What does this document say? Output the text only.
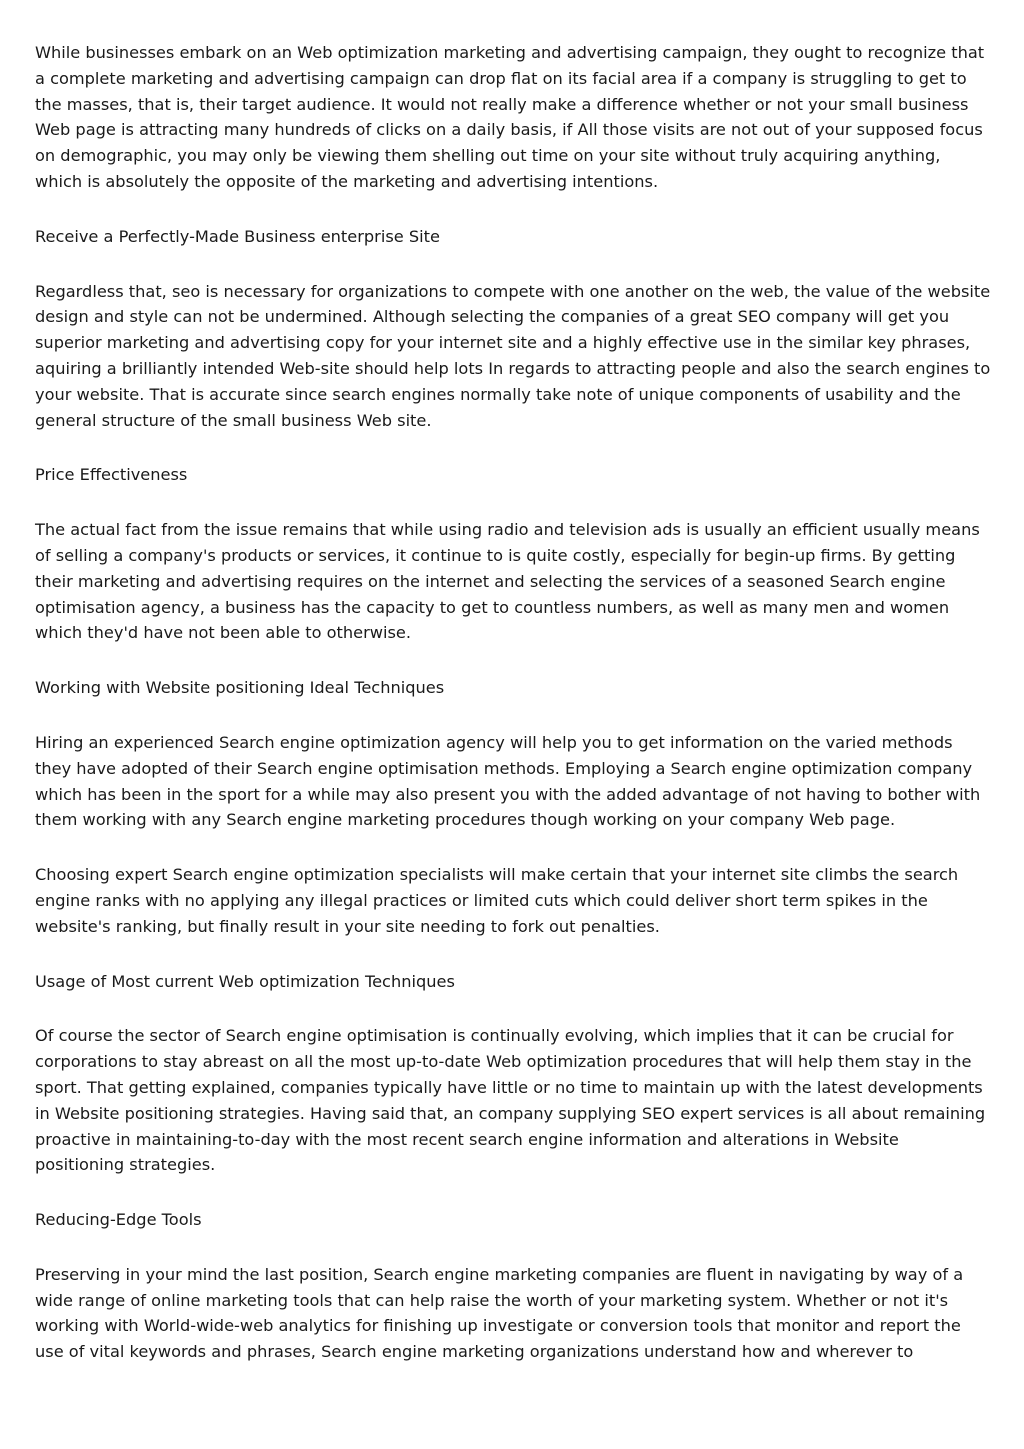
While businesses embark on an Web optimization marketing and advertising campaign, they ought to recognize that a complete marketing and advertising campaign can drop flat on its facial area if a company is struggling to get to the masses, that is, their target audience. It would not really make a difference whether or not your small business Web page is attracting many hundreds of clicks on a daily basis, if All those visits are not out of your supposed focus on demographic, you may only be viewing them shelling out time on your site without truly acquiring anything, which is absolutely the opposite of the marketing and advertising intentions.

Receive a Perfectly-Made Business enterprise Site

Regardless that, seo is necessary for organizations to compete with one another on the web, the value of the website design and style can not be undermined. Although selecting the companies of a great SEO company will get you superior marketing and advertising copy for your internet site and a highly effective use in the similar key phrases, aquiring a brilliantly intended Web-site should help lots In regards to attracting people and also the search engines to your website. That is accurate since search engines normally take note of unique components of usability and the general structure of the small business Web site.

Price Effectiveness

The actual fact from the issue remains that while using radio and television ads is usually an efficient usually means of selling a company's products or services, it continue to is quite costly, especially for begin-up firms. By getting their marketing and advertising requires on the internet and selecting the services of a seasoned Search engine optimisation agency, a business has the capacity to get to countless numbers, as well as many men and women which they'd have not been able to otherwise.

Working with Website positioning Ideal Techniques

Hiring an experienced Search engine optimization agency will help you to get information on the varied methods they have adopted of their Search engine optimisation methods. Employing a Search engine optimization company which has been in the sport for a while may also present you with the added advantage of not having to bother with them working with any Search engine marketing procedures though working on your company Web page.

Choosing expert Search engine optimization specialists will make certain that your internet site climbs the search engine ranks with no applying any illegal practices or limited cuts which could deliver short term spikes in the website's ranking, but finally result in your site needing to fork out penalties.

Usage of Most current Web optimization Techniques

Of course the sector of Search engine optimisation is continually evolving, which implies that it can be crucial for corporations to stay abreast on all the most up-to-date Web optimization procedures that will help them stay in the sport. That getting explained, companies typically have little or no time to maintain up with the latest developments in Website positioning strategies. Having said that, an company supplying SEO expert services is all about remaining proactive in maintaining-to-day with the most recent search engine information and alterations in Website positioning strategies.

Reducing-Edge Tools

Preserving in your mind the last position, Search engine marketing companies are fluent in navigating by way of a wide range of online marketing tools that can help raise the worth of your marketing system. Whether or not it's working with World-wide-web analytics for finishing up investigate or conversion tools that monitor and report the use of vital keywords and phrases, Search engine marketing organizations understand how and wherever to
